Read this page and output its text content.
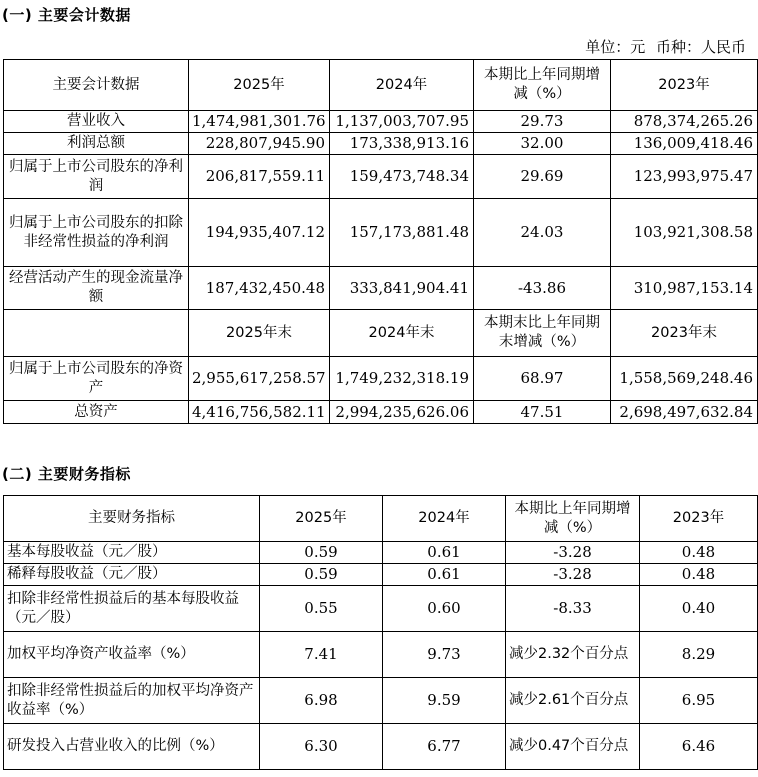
(一) 主要会计数据
单位：元 币种：人民币
主要会计数据	2025年	2024年	本期比上年同期增减（%）	2023年
营业收入	1,474,981,301.76	1,137,003,707.95	29.73	878,374,265.26
利润总额	228,807,945.90	173,338,913.16	32.00	136,009,418.46
归属于上市公司股东的净利润	206,817,559.11	159,473,748.34	29.69	123,993,975.47
归属于上市公司股东的扣除非经常性损益的净利润	194,935,407.12	157,173,881.48	24.03	103,921,308.58
经营活动产生的现金流量净额	187,432,450.48	333,841,904.41	-43.86	310,987,153.14
	2025年末	2024年末	本期末比上年同期末增减（%）	2023年末
归属于上市公司股东的净资产	2,955,617,258.57	1,749,232,318.19	68.97	1,558,569,248.46
总资产	4,416,756,582.11	2,994,235,626.06	47.51	2,698,497,632.84
(二) 主要财务指标
主要财务指标	2025年	2024年	本期比上年同期增减（%）	2023年
基本每股收益（元／股）	0.59	0.61	-3.28	0.48
稀释每股收益（元／股）	0.59	0.61	-3.28	0.48
扣除非经常性损益后的基本每股收益（元／股）	0.55	0.60	-8.33	0.40
加权平均净资产收益率（%）	7.41	9.73	减少2.32个百分点	8.29
扣除非经常性损益后的加权平均净资产收益率（%）	6.98	9.59	减少2.61个百分点	6.95
研发投入占营业收入的比例（%）	6.30	6.77	减少0.47个百分点	6.46
